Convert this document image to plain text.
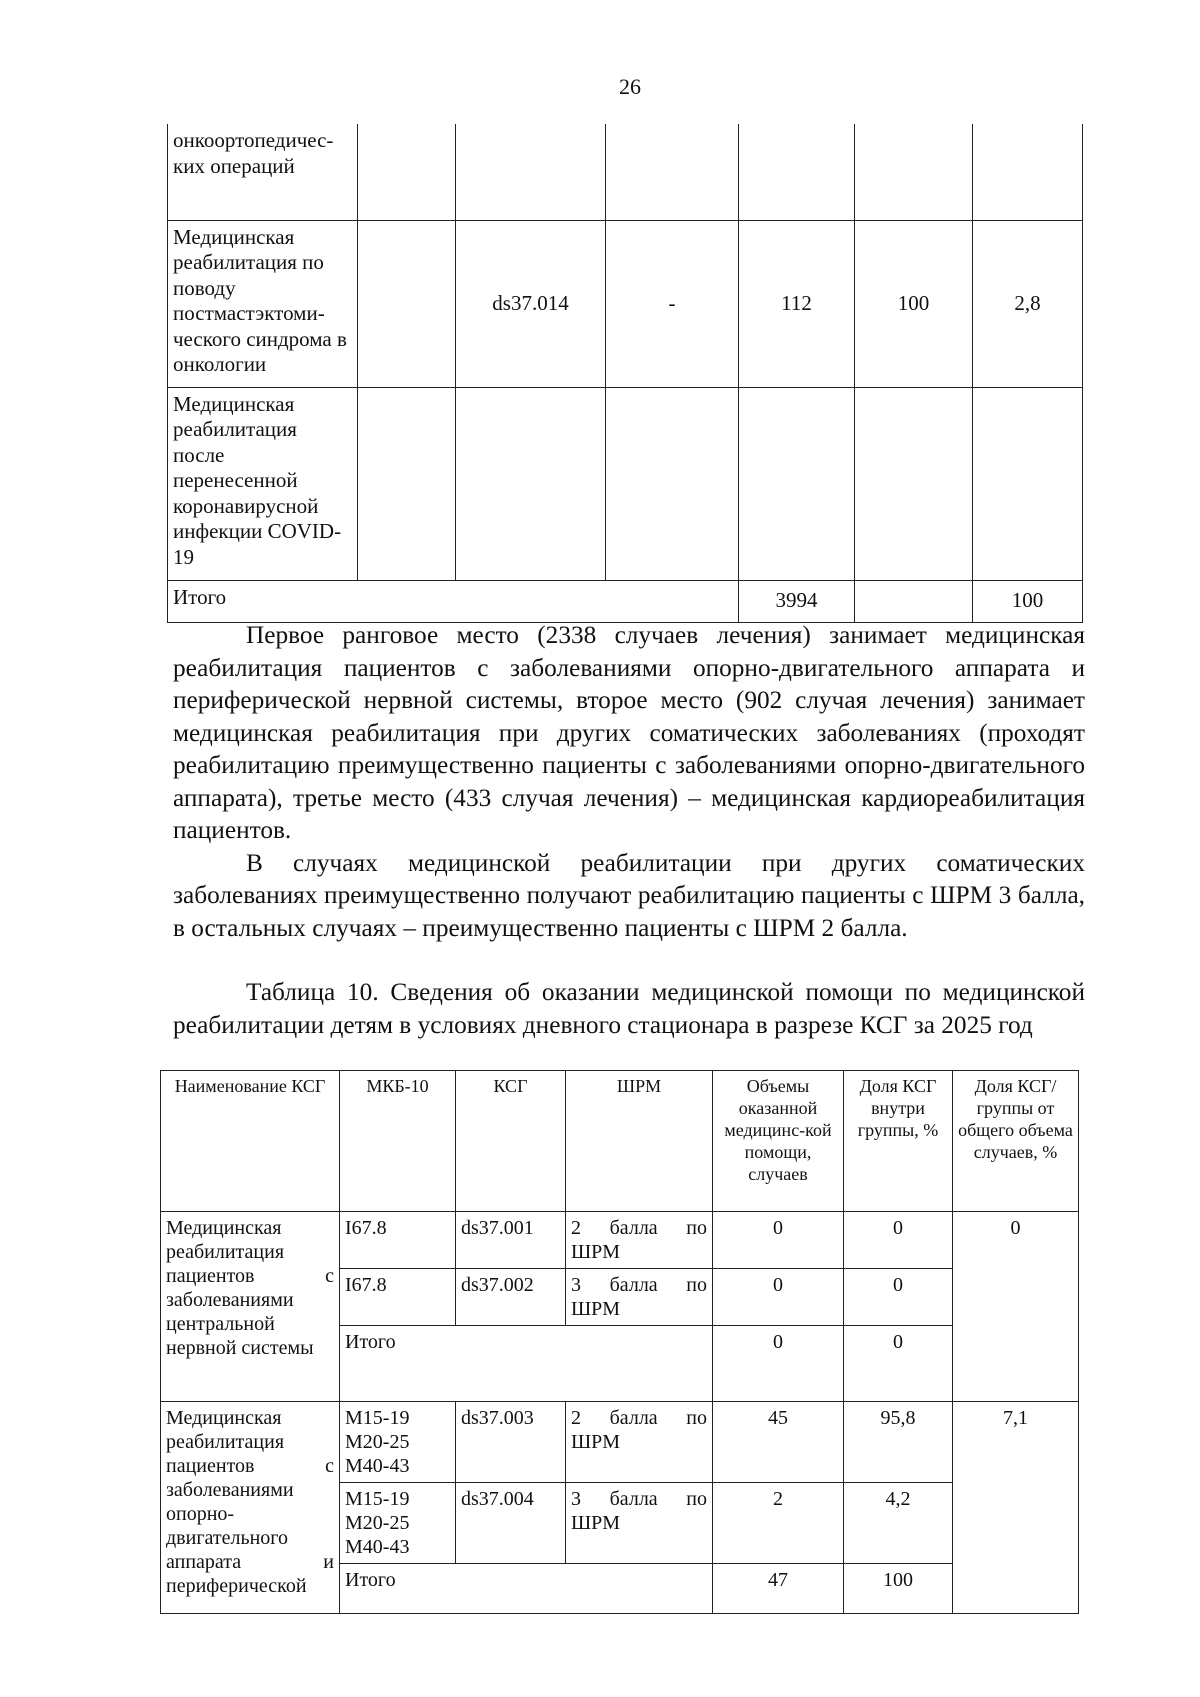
26
онкоортопедичес-ких операций						
Медицинская реабилитация по поводу постмастэктоми-ческого синдрома в онкологии		ds37.014	-	112	100	2,8
Медицинская реабилитация после перенесенной коронавирусной инфекции COVID-19						
Итого				3994		100

Первое ранговое место (2338 случаев лечения) занимает медицинская реабилитация пациентов с заболеваниями опорно-двигательного аппарата и периферической нервной системы, второе место (902 случая лечения) занимает медицинская реабилитация при других соматических заболеваниях (проходят реабилитацию преимущественно пациенты с заболеваниями опорно-двигательного аппарата), третье место (433 случая лечения) – медицинская кардиореабилитация пациентов.

В случаях медицинской реабилитации при других соматических заболеваниях преимущественно получают реабилитацию пациенты с ШРМ 3 балла, в остальных случаях – преимущественно пациенты с ШРМ 2 балла.

Таблица 10. Сведения об оказании медицинской помощи по медицинской реабилитации детям в условиях дневного стационара в разрезе КСГ за 2025 год

Наименование КСГ	МКБ-10	КСГ	ШРМ	Объемы оказанной медицинс-кой помощи, случаев	Доля КСГ внутри группы, %	Доля КСГ/ группы от общего объема случаев, %
Медицинская реабилитация пациентов с заболеваниями центральной нервной системы	I67.8	ds37.001	2 балла по ШРМ	0	0	0
	I67.8	ds37.002	3 балла по ШРМ	0	0	
	Итого			0	0	
Медицинская реабилитация пациентов с заболеваниями опорно-двигательного аппарата и периферической	M15-19 M20-25 M40-43	ds37.003	2 балла по ШРМ	45	95,8	7,1
	M15-19 M20-25 M40-43	ds37.004	3 балла по ШРМ	2	4,2	
	Итого			47	100	
